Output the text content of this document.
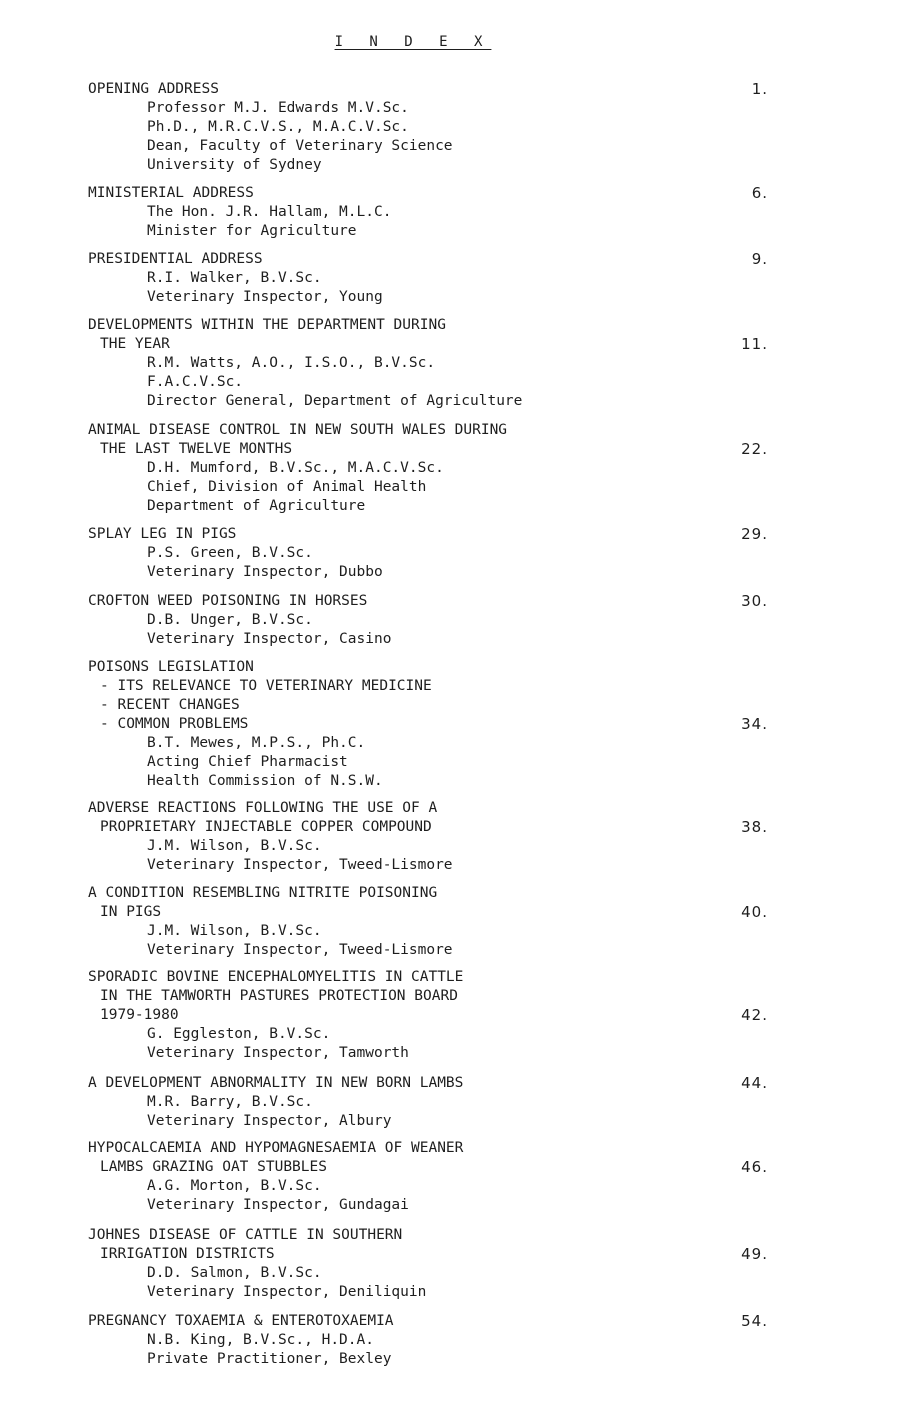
I N D E X
OPENING ADDRESS
Professor M.J. Edwards M.V.Sc.
Ph.D., M.R.C.V.S., M.A.C.V.Sc.
Dean, Faculty of Veterinary Science
University of Sydney
1.
MINISTERIAL ADDRESS
The Hon. J.R. Hallam, M.L.C.
Minister for Agriculture
6.
PRESIDENTIAL ADDRESS
R.I. Walker, B.V.Sc.
Veterinary Inspector, Young
9.
DEVELOPMENTS WITHIN THE DEPARTMENT DURING
THE YEAR
R.M. Watts, A.O., I.S.O., B.V.Sc.
F.A.C.V.Sc.
Director General, Department of Agriculture
11.
ANIMAL DISEASE CONTROL IN NEW SOUTH WALES DURING
THE LAST TWELVE MONTHS
D.H. Mumford, B.V.Sc., M.A.C.V.Sc.
Chief, Division of Animal Health
Department of Agriculture
22.
SPLAY LEG IN PIGS
P.S. Green, B.V.Sc.
Veterinary Inspector, Dubbo
29.
CROFTON WEED POISONING IN HORSES
D.B. Unger, B.V.Sc.
Veterinary Inspector, Casino
30.
POISONS LEGISLATION
- ITS RELEVANCE TO VETERINARY MEDICINE
- RECENT CHANGES
- COMMON PROBLEMS
B.T. Mewes, M.P.S., Ph.C.
Acting Chief Pharmacist
Health Commission of N.S.W.
34.
ADVERSE REACTIONS FOLLOWING THE USE OF A
PROPRIETARY INJECTABLE COPPER COMPOUND
J.M. Wilson, B.V.Sc.
Veterinary Inspector, Tweed-Lismore
38.
A CONDITION RESEMBLING NITRITE POISONING
IN PIGS
J.M. Wilson, B.V.Sc.
Veterinary Inspector, Tweed-Lismore
40.
SPORADIC BOVINE ENCEPHALOMYELITIS IN CATTLE
IN THE TAMWORTH PASTURES PROTECTION BOARD
1979-1980
G. Eggleston, B.V.Sc.
Veterinary Inspector, Tamworth
42.
A DEVELOPMENT ABNORMALITY IN NEW BORN LAMBS
M.R. Barry, B.V.Sc.
Veterinary Inspector, Albury
44.
HYPOCALCAEMIA AND HYPOMAGNESAEMIA OF WEANER
LAMBS GRAZING OAT STUBBLES
A.G. Morton, B.V.Sc.
Veterinary Inspector, Gundagai
46.
JOHNES DISEASE OF CATTLE IN SOUTHERN
IRRIGATION DISTRICTS
D.D. Salmon, B.V.Sc.
Veterinary Inspector, Deniliquin
49.
PREGNANCY TOXAEMIA & ENTEROTOXAEMIA
N.B. King, B.V.Sc., H.D.A.
Private Practitioner, Bexley
54.
